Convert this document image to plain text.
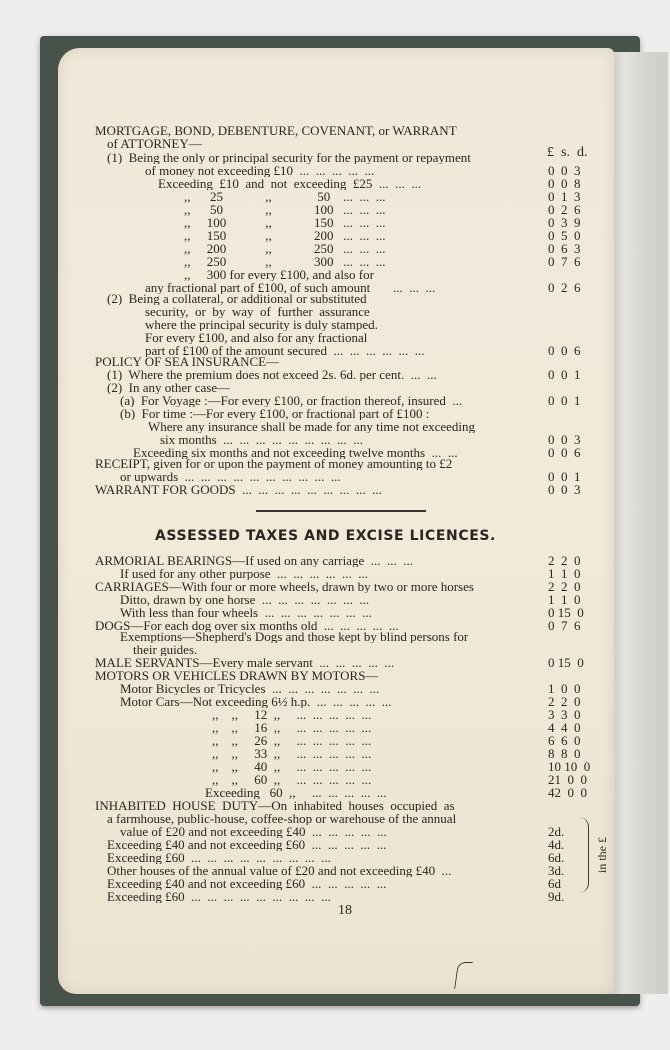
£  s.  d.
ASSESSED TAXES AND EXCISE LICENCES.
MORTGAGE, BOND, DEBENTURE, COVENANT, or WARRANT
of ATTORNEY—
(1)  Being the only or principal security for the payment or repayment
of money not exceeding £10  ...  ...  ...  ...  ...	0  0  3
Exceeding  £10  and  not  exceeding  £25  ...  ...  ...	0  0  8
,,      25             ,,              50    ...  ...  ...	0  1  3
,,      50             ,,             100   ...  ...  ...	0  2  6
,,     100            ,,             150   ...  ...  ...	0  3  9
,,     150            ,,             200   ...  ...  ...	0  5  0
,,     200            ,,             250   ...  ...  ...	0  6  3
,,     250            ,,             300   ...  ...  ...	0  7  6
,,     300 for every £100, and also for
any fractional part of £100, of such amount       ...  ...  ...	0  2  6
(2)  Being a collateral, or additional or substituted
security,  or  by  way  of  further  assurance
where the principal security is duly stamped.
For every £100, and also for any fractional
part of £100 of the amount secured  ...  ...  ...  ...  ...  ...	0  0  6
POLICY OF SEA INSURANCE—
(1)  Where the premium does not exceed 2s. 6d. per cent.  ...  ...	0  0  1
(2)  In any other case—
(a)  For Voyage :—For every £100, or fraction thereof, insured  ...	0  0  1
(b)  For time :—For every £100, or fractional part of £100 :
Where any insurance shall be made for any time not exceeding
six months  ...  ...  ...  ...  ...  ...  ...  ...  ...	0  0  3
Exceeding six months and not exceeding twelve months  ...  ...	0  0  6
RECEIPT, given for or upon the payment of money amounting to £2
or upwards  ...  ...  ...  ...  ...  ...  ...  ...  ...  ...	0  0  1
WARRANT FOR GOODS  ...  ...  ...  ...  ...  ...  ...  ...  ...	0  0  3
ARMORIAL BEARINGS—If used on any carriage  ...  ...  ...	2  2  0
If used for any other purpose  ...  ...  ...  ...  ...  ...	1  1  0
CARRIAGES—With four or more wheels, drawn by two or more horses	2  2  0
Ditto, drawn by one horse  ...  ...  ...  ...  ...  ...  ...	1  1  0
With less than four wheels  ...  ...  ...  ...  ...  ...  ...	0 15  0
DOGS—For each dog over six months old  ...  ...  ...  ...  ...	0  7  6
Exemptions—Shepherd's Dogs and those kept by blind persons for
their guides.
MALE SERVANTS—Every male servant  ...  ...  ...  ...  ...	0 15  0
MOTORS OR VEHICLES DRAWN BY MOTORS—
Motor Bicycles or Tricycles  ...  ...  ...  ...  ...  ...  ...	1  0  0
Motor Cars—Not exceeding 6½ h.p.  ...  ...  ...  ...  ...	2  2  0
,,    ,,     12  ,,     ...  ...  ...  ...  ...	3  3  0
,,    ,,     16  ,,     ...  ...  ...  ...  ...	4  4  0
,,    ,,     26  ,,     ...  ...  ...  ...  ...	6  6  0
,,    ,,     33  ,,     ...  ...  ...  ...  ...	8  8  0
,,    ,,     40  ,,     ...  ...  ...  ...  ...	10 10  0
,,    ,,     60  ,,     ...  ...  ...  ...  ...	21  0  0
Exceeding   60  ,,     ...  ...  ...  ...  ...	42  0  0
INHABITED  HOUSE  DUTY—On  inhabited  houses  occupied  as
a farmhouse, public-house, coffee-shop or warehouse of the annual
value of £20 and not exceeding £40  ...  ...  ...  ...  ...	2d.
Exceeding £40 and not exceeding £60  ...  ...  ...  ...  ...	4d.
Exceeding £60  ...  ...  ...  ...  ...  ...  ...  ...  ...	6d.
Other houses of the annual value of £20 and not exceeding £40  ...	3d.
Exceeding £40 and not exceeding £60  ...  ...  ...  ...  ...	6d
Exceeding £60  ...  ...  ...  ...  ...  ...  ...  ...  ...	9d.
in the £
18
